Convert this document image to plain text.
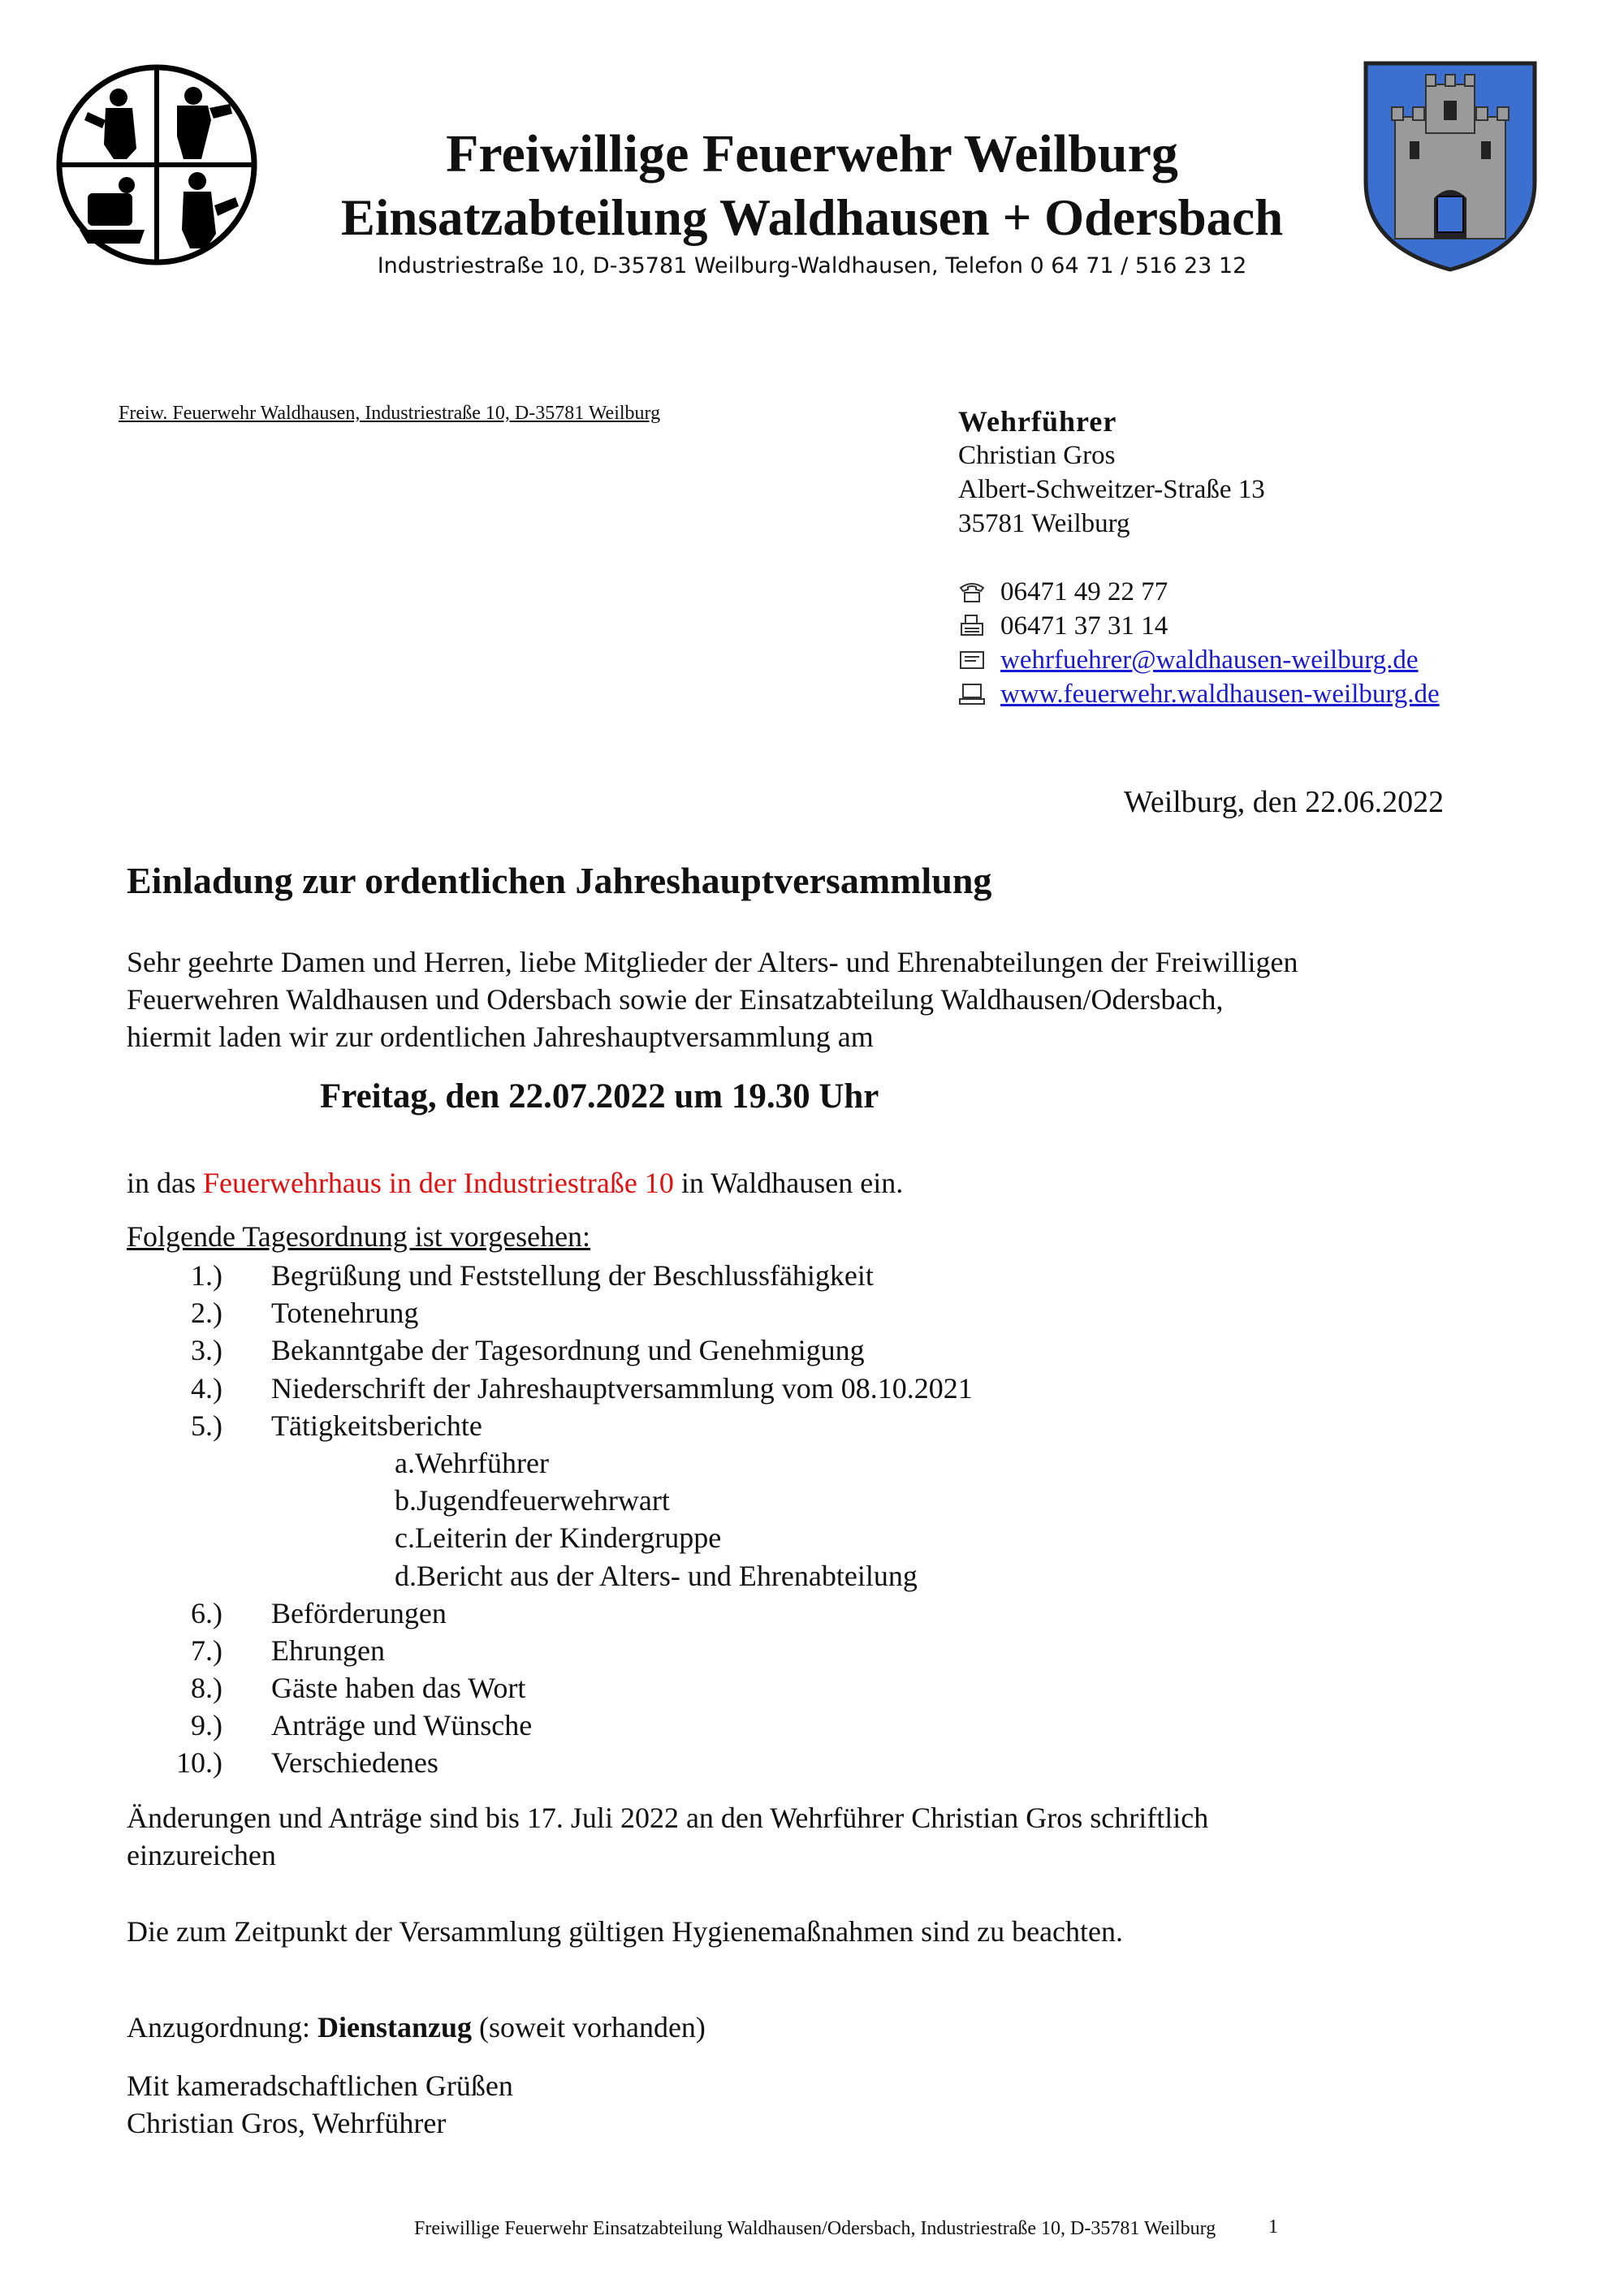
Freiwillige Feuerwehr Weilburg
Einsatzabteilung Waldhausen + Odersbach
Industriestraße 10, D-35781 Weilburg-Waldhausen, Telefon 0 64 71 / 516 23 12
Freiw. Feuerwehr Waldhausen, Industriestraße 10, D-35781 Weilburg	Wehrführer
Christian Gros
Albert-Schweitzer-Straße 13
35781 Weilburg
06471 49 22 77
06471 37 31 14
wehrfuehrer@waldhausen-weilburg.de
www.feuerwehr.waldhausen-weilburg.de
Weilburg, den 22.06.2022
Einladung zur ordentlichen Jahreshauptversammlung
Sehr geehrte Damen und Herren, liebe Mitglieder der Alters- und Ehrenabteilungen der Freiwilligen
Feuerwehren Waldhausen und Odersbach sowie der Einsatzabteilung Waldhausen/Odersbach,
hiermit laden wir zur ordentlichen Jahreshauptversammlung am
Freitag, den 22.07.2022 um 19.30 Uhr
in das Feuerwehrhaus in der Industriestraße 10 in Waldhausen ein.
Folgende Tagesordnung ist vorgesehen:
1.)	Begrüßung und Feststellung der Beschlussfähigkeit
2.)	Totenehrung
3.)	Bekanntgabe der Tagesordnung und Genehmigung
4.)	Niederschrift der Jahreshauptversammlung vom 08.10.2021
5.)	Tätigkeitsberichte
a.Wehrführer
b.Jugendfeuerwehrwart
c.Leiterin der Kindergruppe
d.Bericht aus der Alters- und Ehrenabteilung
6.)	Beförderungen
7.)	Ehrungen
8.)	Gäste haben das Wort
9.)	Anträge und Wünsche
10.)	Verschiedenes
Änderungen und Anträge sind bis 17. Juli 2022 an den Wehrführer Christian Gros schriftlich
einzureichen
Die zum Zeitpunkt der Versammlung gültigen Hygienemaßnahmen sind zu beachten.
Anzugordnung: Dienstanzug (soweit vorhanden)
Mit kameradschaftlichen Grüßen
Christian Gros, Wehrführer
Freiwillige Feuerwehr Einsatzabteilung Waldhausen/Odersbach, Industriestraße 10, D-35781 Weilburg	1
